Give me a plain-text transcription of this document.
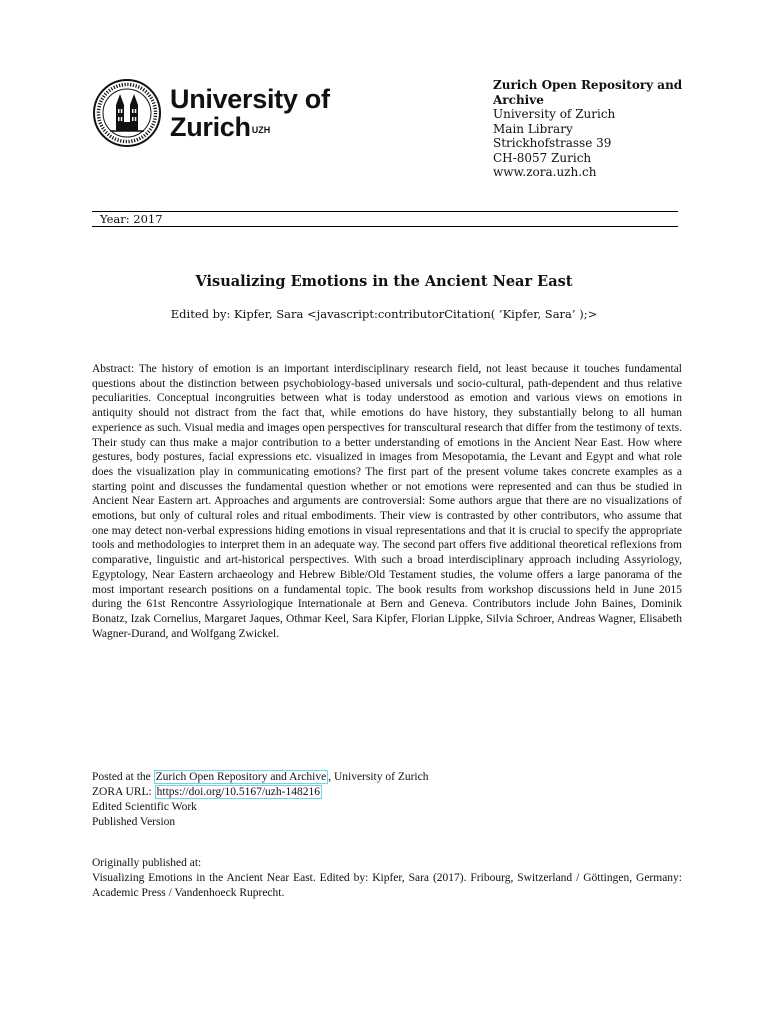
University of
Zurich$^{UZH}$
Zurich Open Repository and
Archive
University of Zurich
Main Library
Strickhofstrasse 39
CH-8057 Zurich
www.zora.uzh.ch
Year: 2017
Visualizing Emotions in the Ancient Near East
Edited by: Kipfer, Sara <javascript:contributorCitation( ’Kipfer, Sara’ );>

Abstract: The history of emotion is an important interdisciplinary research field, not least because it touches fundamental questions about the distinction between psychobiology-based universals und socio-cultural, path-dependent and thus relative peculiarities. Conceptual incongruities between what is today understood as emotion and various views on emotions in antiquity should not distract from the fact that, while emotions do have history, they substantially belong to all human experience as such. Visual media and images open perspectives for transcultural research that differ from the testimony of texts. Their study can thus make a major contribution to a better understanding of emotions in the Ancient Near East. How where gestures, body postures, facial expressions etc. visualized in images from Mesopotamia, the Levant and Egypt and what role does the visualization play in communicating emotions? The first part of the present volume takes concrete examples as a starting point and discusses the fundamental question whether or not emotions were represented and can thus be studied in Ancient Near Eastern art. Approaches and arguments are controversial: Some authors argue that there are no visualizations of emotions, but only of cultural roles and ritual embodiments. Their view is contrasted by other contributors, who assume that one may detect non-verbal expressions hiding emotions in visual representations and that it is crucial to specify the appropriate tools and methodologies to interpret them in an adequate way. The second part offers five additional theoretical reflexions from comparative, linguistic and art-historical perspectives. With such a broad interdisciplinary approach including Assyriology, Egyptology, Near Eastern archaeology and Hebrew Bible/Old Testament studies, the volume offers a large panorama of the most important research positions on a fundamental topic. The book results from workshop discussions held in June 2015 during the 61st Rencontre Assyriologique Internationale at Bern and Geneva. Contributors include John Baines, Dominik Bonatz, Izak Cornelius, Margaret Jaques, Othmar Keel, Sara Kipfer, Florian Lippke, Silvia Schroer, Andreas Wagner, Elisabeth Wagner-Durand, and Wolfgang Zwickel.

Posted at the Zurich Open Repository and Archive , University of Zurich
ZORA URL: https://doi.org/10.5167/uzh-148216
Edited Scientific Work
Published Version
Originally published at:
Visualizing Emotions in the Ancient Near East. Edited by: Kipfer, Sara (2017). Fribourg, Switzerland / Göttingen, Germany: Academic Press / Vandenhoeck Ruprecht.
